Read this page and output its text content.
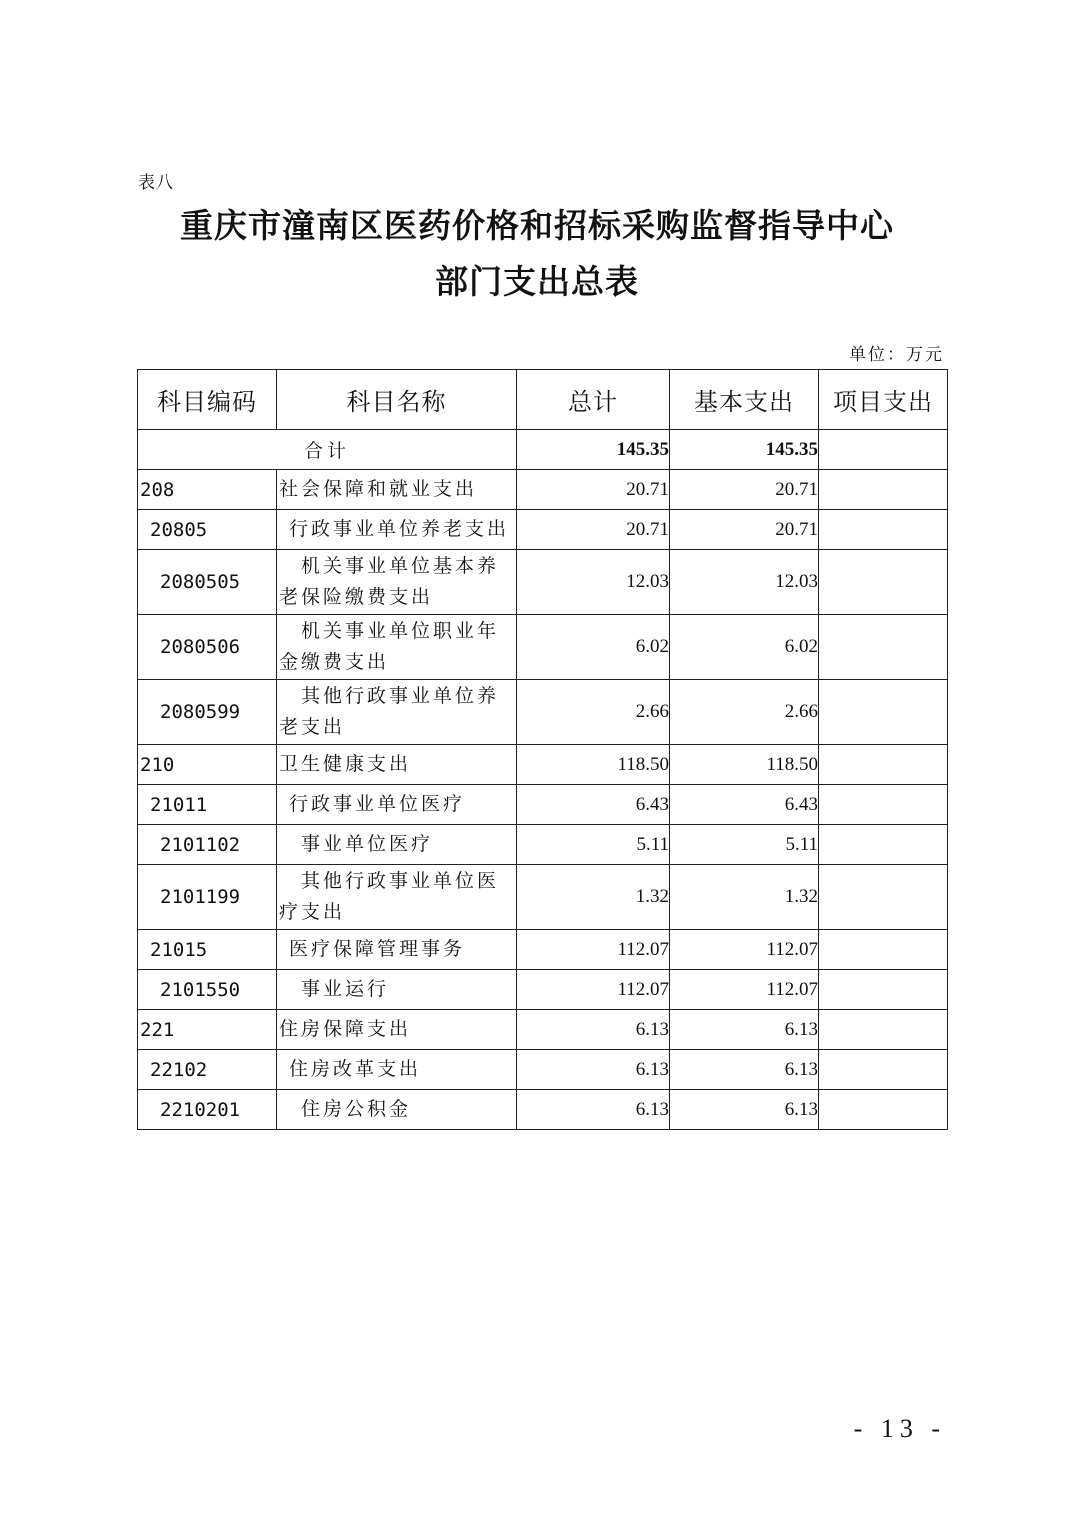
表八
重庆市潼南区医药价格和招标采购监督指导中心
部门支出总表
单位：万元
科目编码	科目名称	总计	基本支出	项目支出
合计		145.35	145.35	
208	社会保障和就业支出	20.71	20.71	
20805	行政事业单位养老支出	20.71	20.71	
2080505	机关事业单位基本养老保险缴费支出	12.03	12.03	
2080506	机关事业单位职业年金缴费支出	6.02	6.02	
2080599	其他行政事业单位养老支出	2.66	2.66	
210	卫生健康支出	118.50	118.50	
21011	行政事业单位医疗	6.43	6.43	
2101102	事业单位医疗	5.11	5.11	
2101199	其他行政事业单位医疗支出	1.32	1.32	
21015	医疗保障管理事务	112.07	112.07	
2101550	事业运行	112.07	112.07	
221	住房保障支出	6.13	6.13	
22102	住房改革支出	6.13	6.13	
2210201	住房公积金	6.13	6.13	
- 13 -
